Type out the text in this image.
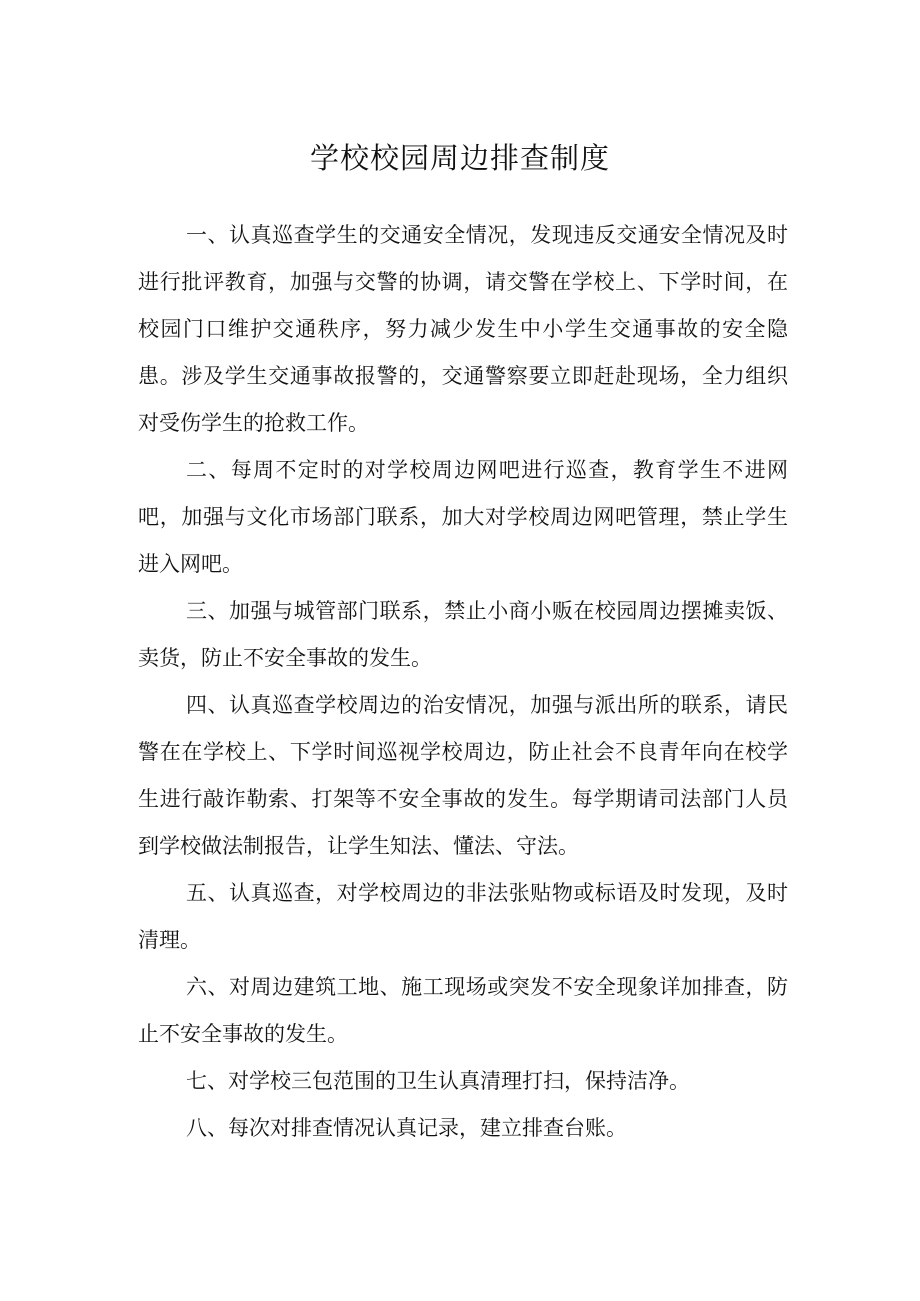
学校校园周边排查制度

一、认真巡查学生的交通安全情况，发现违反交通安全情况及时进行批评教育，加强与交警的协调，请交警在学校上、下学时间，在校园门口维护交通秩序，努力减少发生中小学生交通事故的安全隐患。涉及学生交通事故报警的，交通警察要立即赶赴现场，全力组织对受伤学生的抢救工作。

二、每周不定时的对学校周边网吧进行巡查，教育学生不进网吧，加强与文化市场部门联系，加大对学校周边网吧管理，禁止学生进入网吧。

三、加强与城管部门联系，禁止小商小贩在校园周边摆摊卖饭、卖货，防止不安全事故的发生。

四、认真巡查学校周边的治安情况，加强与派出所的联系，请民警在在学校上、下学时间巡视学校周边，防止社会不良青年向在校学生进行敲诈勒索、打架等不安全事故的发生。每学期请司法部门人员到学校做法制报告，让学生知法、懂法、守法。

五、认真巡查，对学校周边的非法张贴物或标语及时发现，及时清理。

六、对周边建筑工地、施工现场或突发不安全现象详加排查，防止不安全事故的发生。

七、对学校三包范围的卫生认真清理打扫，保持洁净。

八、每次对排查情况认真记录，建立排查台账。
